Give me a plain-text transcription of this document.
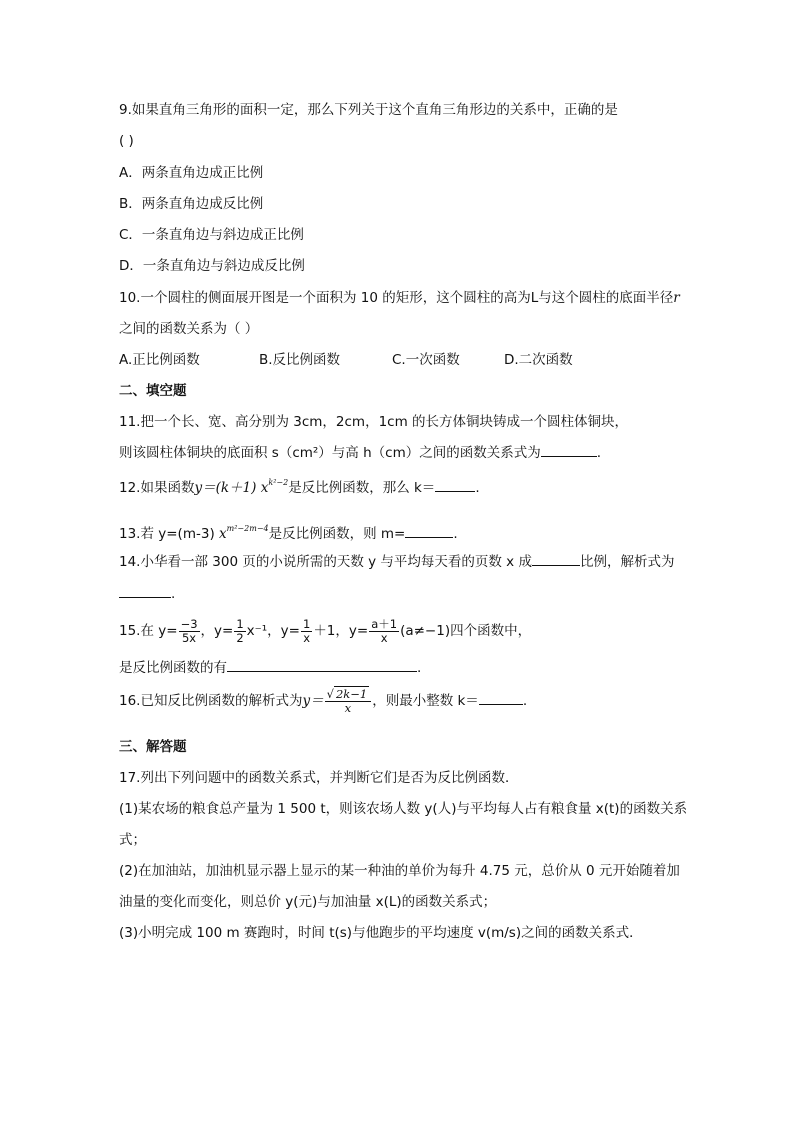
9.如果直角三角形的面积一定，那么下列关于这个直角三角形边的关系中，正确的是
( )
A．两条直角边成正比例
B．两条直角边成反比例
C．一条直角边与斜边成正比例
D．一条直角边与斜边成反比例
10.一个圆柱的侧面展开图是一个面积为 10 的矩形，这个圆柱的高为L与这个圆柱的底面半径r
之间的函数关系为（ ）
A.正比例函数	B.反比例函数	C.一次函数	D.二次函数
二、填空题
11.把一个长、宽、高分别为 3cm，2cm，1cm 的长方体铜块铸成一个圆柱体铜块，
则该圆柱体铜块的底面积 s（cm²）与高 h（cm）之间的函数关系式为	.
12.如果函数y＝(k＋1) $x^{k^2-2}$是反比例函数，那么 k＝	.
13.若 y=(m-3) $x^{m^2-2m-4}$是反比例函数，则 m=	.
14.小华看一部 300 页的小说所需的天数 y 与平均每天看的页数 x 成	比例，解析式为
.
15.在 $y= \frac{-3}{5x}$ ，$y= \frac{1}{2} x^{-1}$，$y= \frac{1}{x} +1$，$y= \frac{a+1}{x} (a\ne-1)$四个函数中，
是反比例函数的有	.
16.已知反比例函数的解析式为$y= \frac{√ 2k-1}{x}$ ，则最小整数 k＝	.
三、解答题
17.列出下列问题中的函数关系式，并判断它们是否为反比例函数．
(1)某农场的粮食总产量为 1 500 t，则该农场人数 y(人)与平均每人占有粮食量 x(t)的函数关系
式；
(2)在加油站，加油机显示器上显示的某一种油的单价为每升 4.75 元，总价从 0 元开始随着加
油量的变化而变化，则总价 y(元)与加油量 x(L)的函数关系式；
(3)小明完成 100 m 赛跑时，时间 t(s)与他跑步的平均速度 v(m/s)之间的函数关系式．
